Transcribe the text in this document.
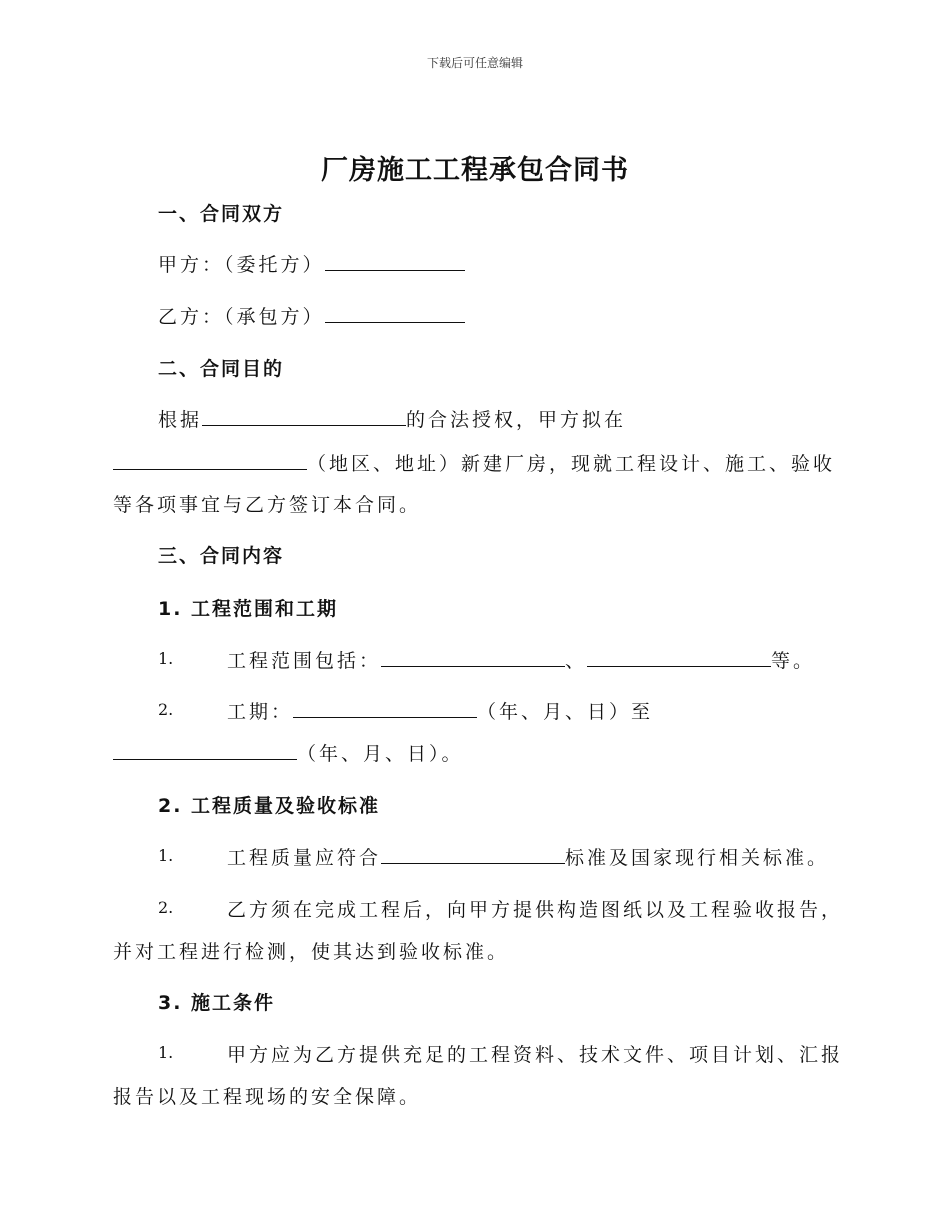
下载后可任意编辑
厂房施工工程承包合同书
一、合同双方
甲方：（委托方）
乙方：（承包方）
二、合同目的
根据	的合法授权，甲方拟在
（地区、地址）新建厂房，现就工程设计、施工、验收
等各项事宜与乙方签订本合同。
三、合同内容
1. 工程范围和工期
1.	工程范围包括：	、	等。
2.	工期：	（年、月、日）至
（年、月、日）。
2. 工程质量及验收标准
1.	工程质量应符合	标准及国家现行相关标准。
2.	乙方须在完成工程后，向甲方提供构造图纸以及工程验收报告，
并对工程进行检测，使其达到验收标准。
3. 施工条件
1.	甲方应为乙方提供充足的工程资料、技术文件、项目计划、汇报
报告以及工程现场的安全保障。
